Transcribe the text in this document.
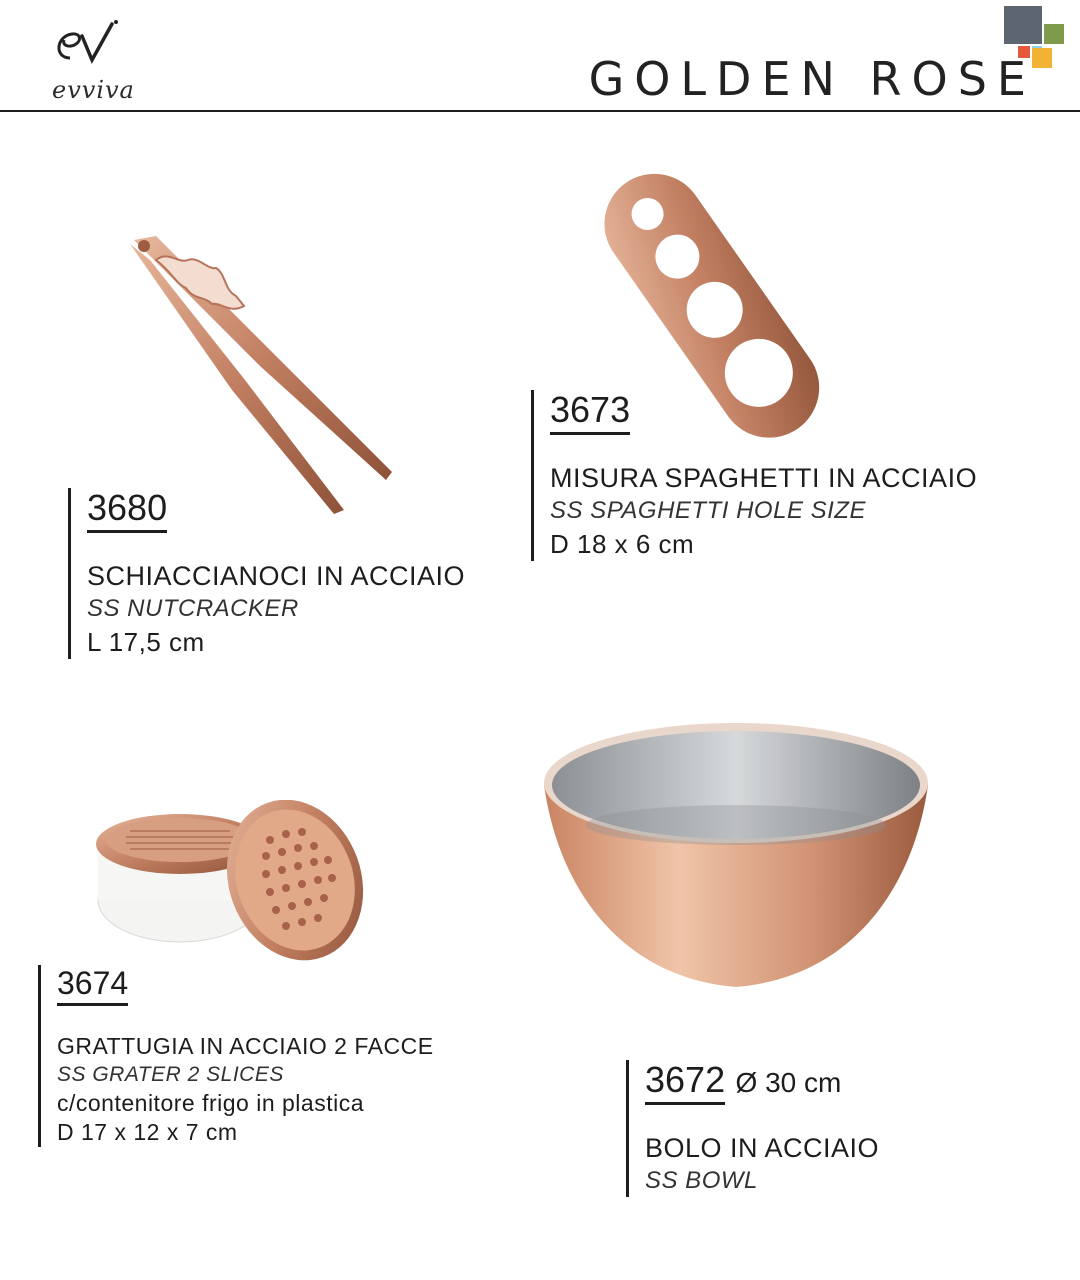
evviva	GOLDEN ROSE
3680
SCHIACCIANOCI IN ACCIAIO
SS NUTCRACKER
L 17,5 cm
3673
MISURA SPAGHETTI IN ACCIAIO
SS SPAGHETTI HOLE SIZE
D 18 x 6 cm
3674
GRATTUGIA IN ACCIAIO 2 FACCE
SS GRATER 2 SLICES
c/contenitore frigo in plastica
D 17 x 12 x 7 cm
3672 Ø 30 cm
BOLO IN ACCIAIO
SS BOWL
